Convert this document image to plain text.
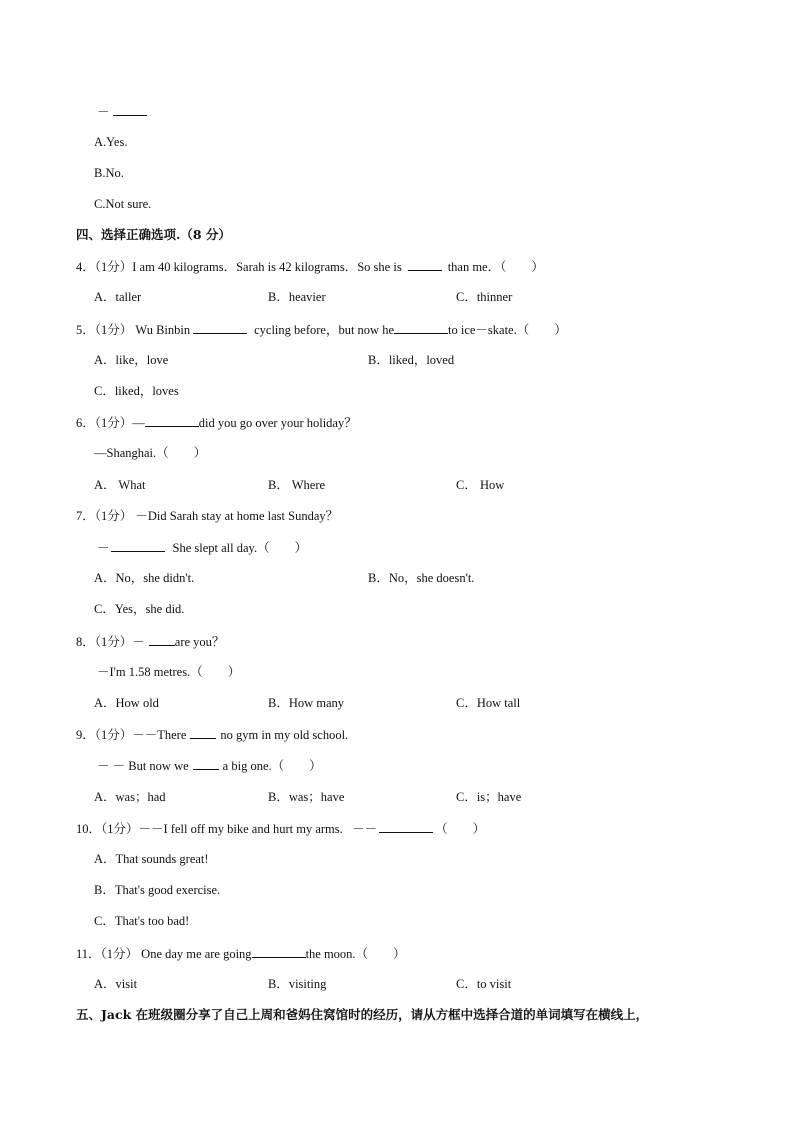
－
A.Yes.
B.No.
C.Not sure.
四、选择正确选项.（8 分）
4．（1分）I am 40 kilograms．Sarah is 42 kilograms．So she is	than me．（　　）
A．taller	B．heavier	C．thinner
5．（1分） Wu Binbin	cycling before，but now he	to ice－skate.（　　）
A．like，love	B．liked，loved
C．liked，loves
6．（1分）—	did you go over your holiday？
—Shanghai.（　　）
A． What	B． Where	C． How
7．（1分） －Did Sarah stay at home last Sunday？
－	She slept all day.（　　）
A．No，she didn't.	B．No，she doesn't.
C．Yes，she did.
8．（1分）－ are you？
－I'm 1.58 metres.（　　）
A．How old	B．How many	C．How tall
9．（1分）－－There	no gym in my old school.
－ － But now we	a big one.（　　）
A．was；had	B．was；have	C．is；have
10．（1分）－－I fell off my bike and hurt my arms. －－	（　　）
A．That sounds great!
B．That's good exercise.
C．That's too bad!
11．（1分） One day me are going	the moon.（　　）
A．visit	B．visiting	C．to visit
五、Jack 在班级圈分享了自己上周和爸妈住窝馆时的经历，请从方框中选择合道的单词填写在横线上，
